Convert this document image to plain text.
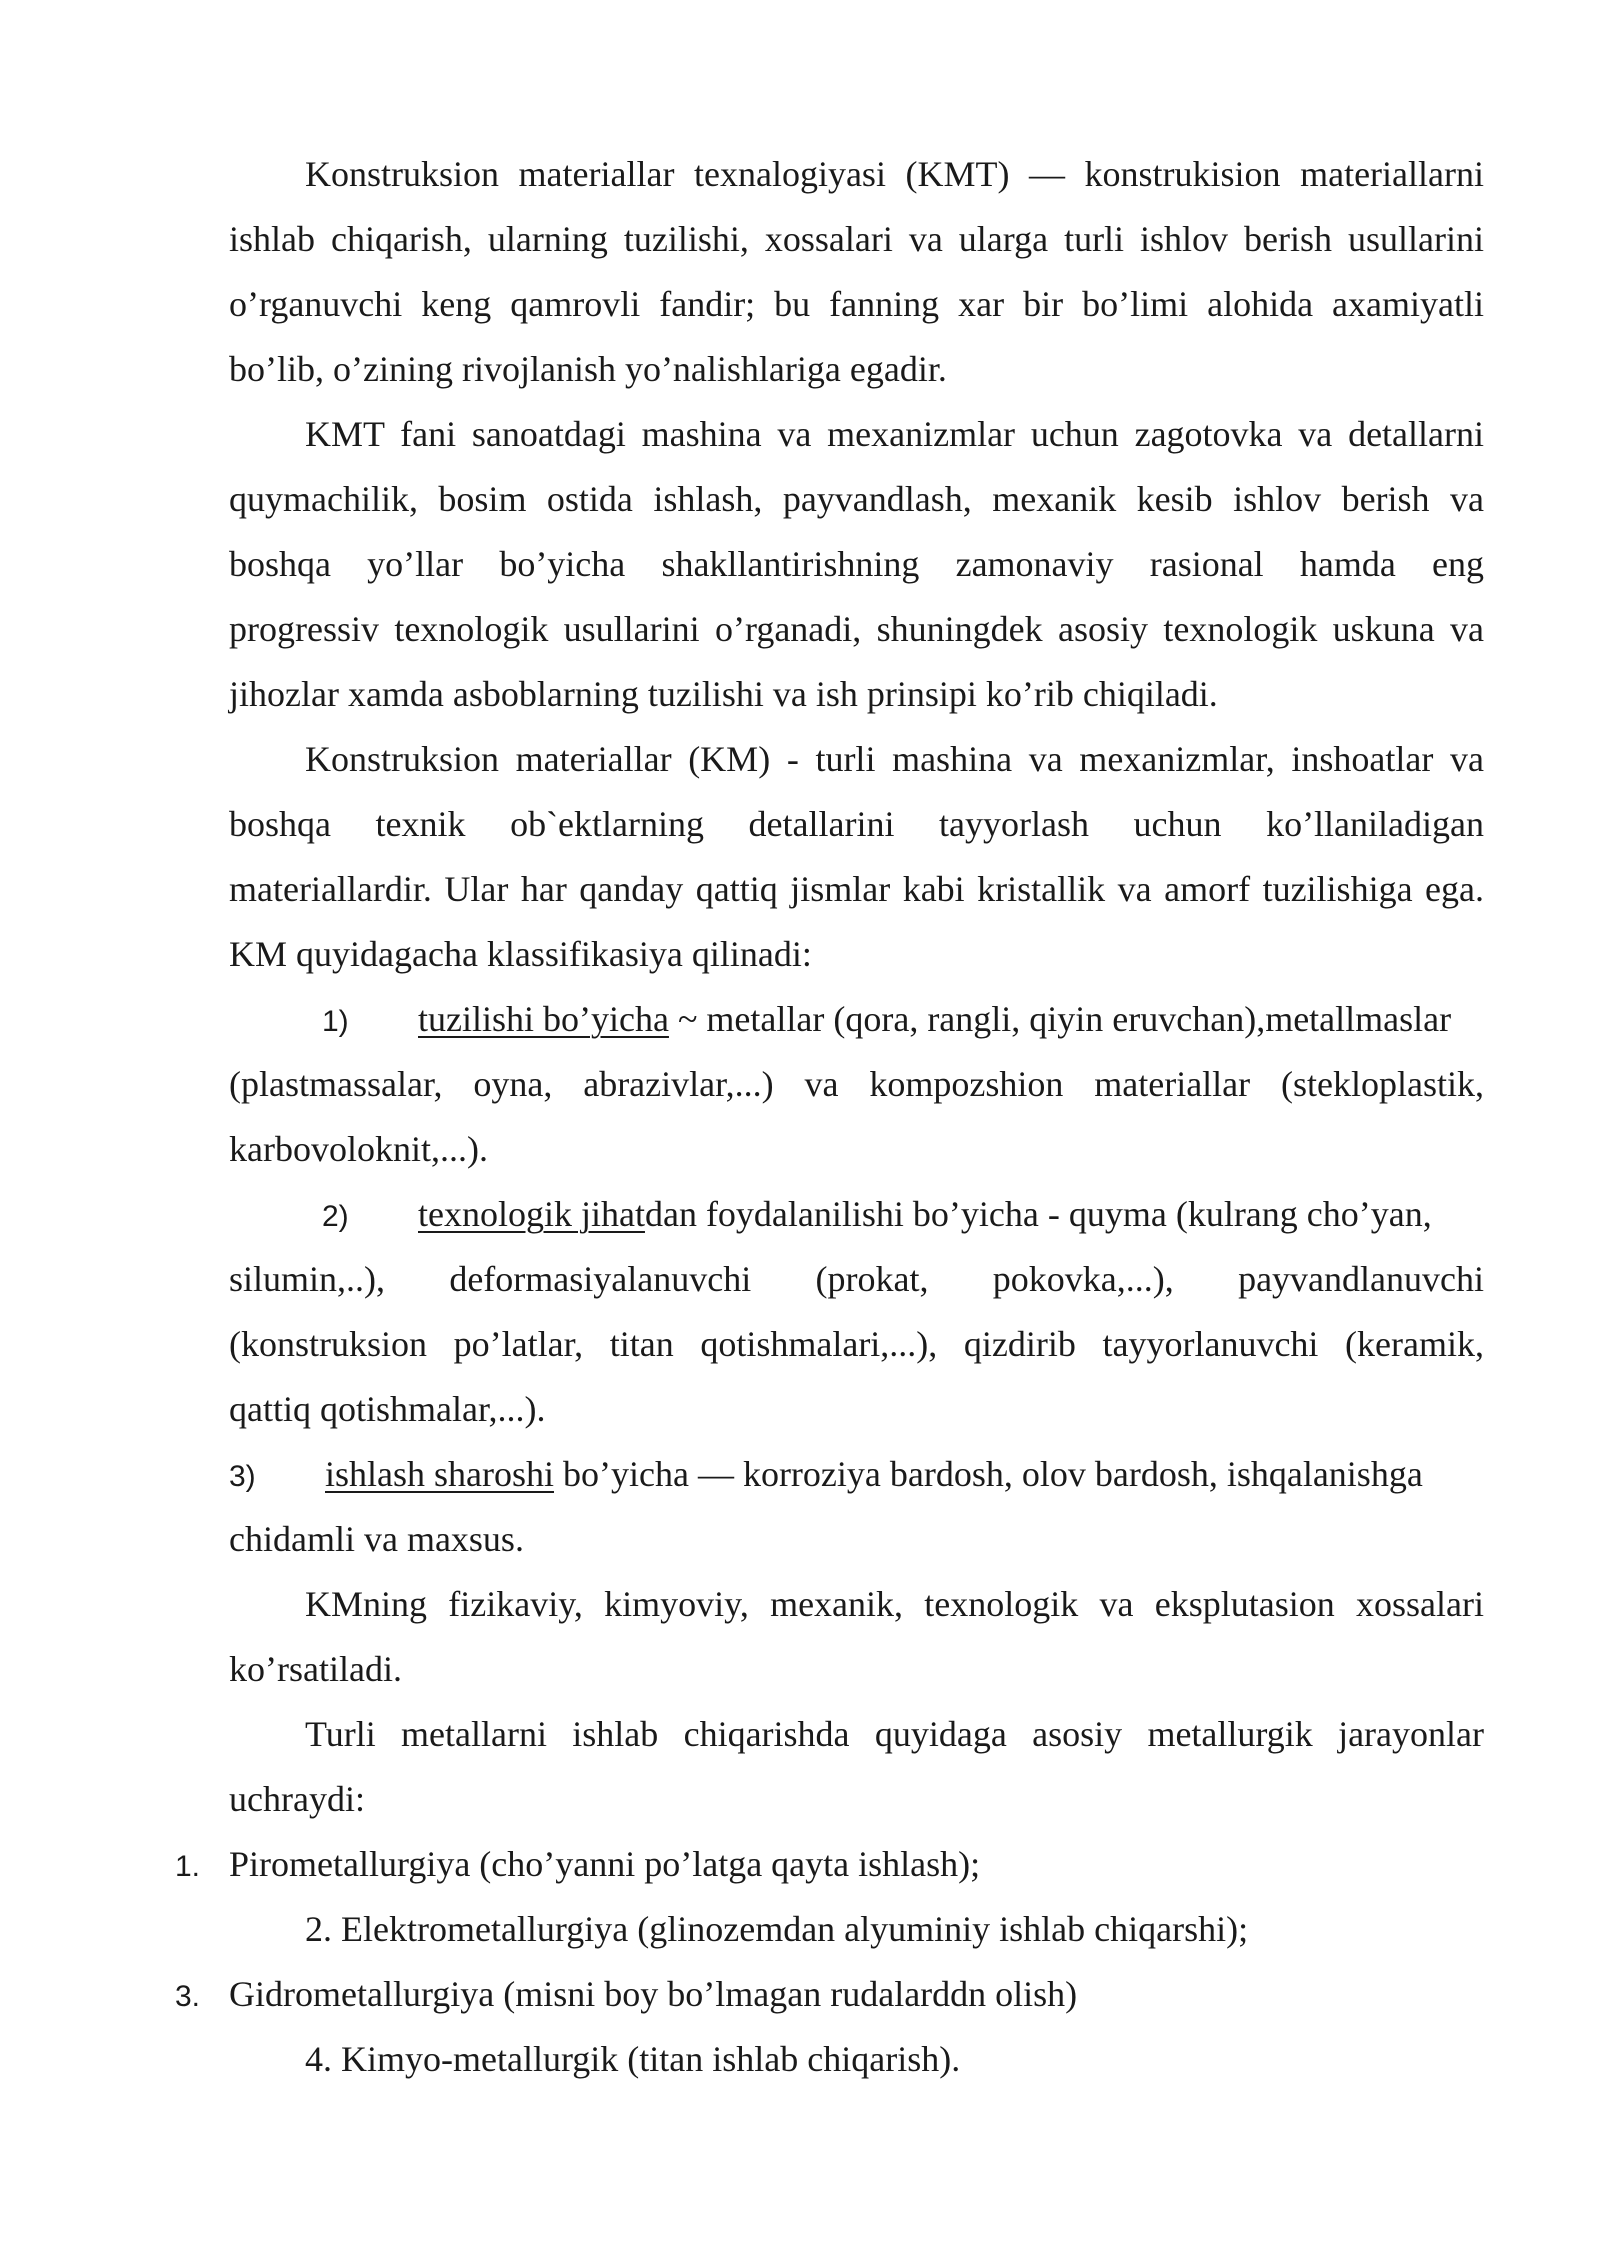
Konstruksion materiallar texnalogiyasi (KMT) — konstrukision materiallarni
ishlab chiqarish, ularning tuzilishi, xossalari va ularga turli ishlov berish usullarini
o’rganuvchi keng qamrovli fandir; bu fanning xar bir bo’limi alohida axamiyatli
bo’lib, o’zining rivojlanish yo’nalishlariga egadir.
KMT fani sanoatdagi mashina va mexanizmlar uchun zagotovka va detallarni
quymachilik, bosim ostida ishlash, payvandlash, mexanik kesib ishlov berish va
boshqa yo’llar bo’yicha shakllantirishning zamonaviy rasional hamda eng
progressiv texnologik usullarini o’rganadi, shuningdek asosiy texnologik uskuna va
jihozlar xamda asboblarning tuzilishi va ish prinsipi ko’rib chiqiladi.
Konstruksion materiallar (KM) - turli mashina va mexanizmlar, inshoatlar va
boshqa texnik ob`ektlarning detallarini tayyorlash uchun ko’llaniladigan
materiallardir. Ular har qanday qattiq jismlar kabi kristallik va amorf tuzilishiga ega.
KM quyidagacha klassifikasiya qilinadi:
1) tuzilishi bo’yicha ~ metallar (qora, rangli, qiyin eruvchan),metallmaslar
(plastmassalar, oyna, abrazivlar,...) va kompozshion materiallar (stekloplastik,
karbovoloknit,...).
2) texnologik jihatdan foydalanilishi bo’yicha - quyma (kulrang cho’yan,
silumin,..), deformasiyalanuvchi (prokat, pokovka,...), payvandlanuvchi
(konstruksion po’latlar, titan qotishmalari,...), qizdirib tayyorlanuvchi (keramik,
qattiq qotishmalar,...).
3) ishlash sharoshi bo’yicha — korroziya bardosh, olov bardosh, ishqalanishga
chidamli va maxsus.
KMning fizikaviy, kimyoviy, mexanik, texnologik va eksplutasion xossalari
ko’rsatiladi.
Turli metallarni ishlab chiqarishda quyidaga asosiy metallurgik jarayonlar
uchraydi:
1. Pirometallurgiya (cho’yanni po’latga qayta ishlash);
2. Elektrometallurgiya (glinozemdan alyuminiy ishlab chiqarshi);
3. Gidrometallurgiya (misni boy bo’lmagan rudalarddn olish)
4. Kimyo-metallurgik (titan ishlab chiqarish).
